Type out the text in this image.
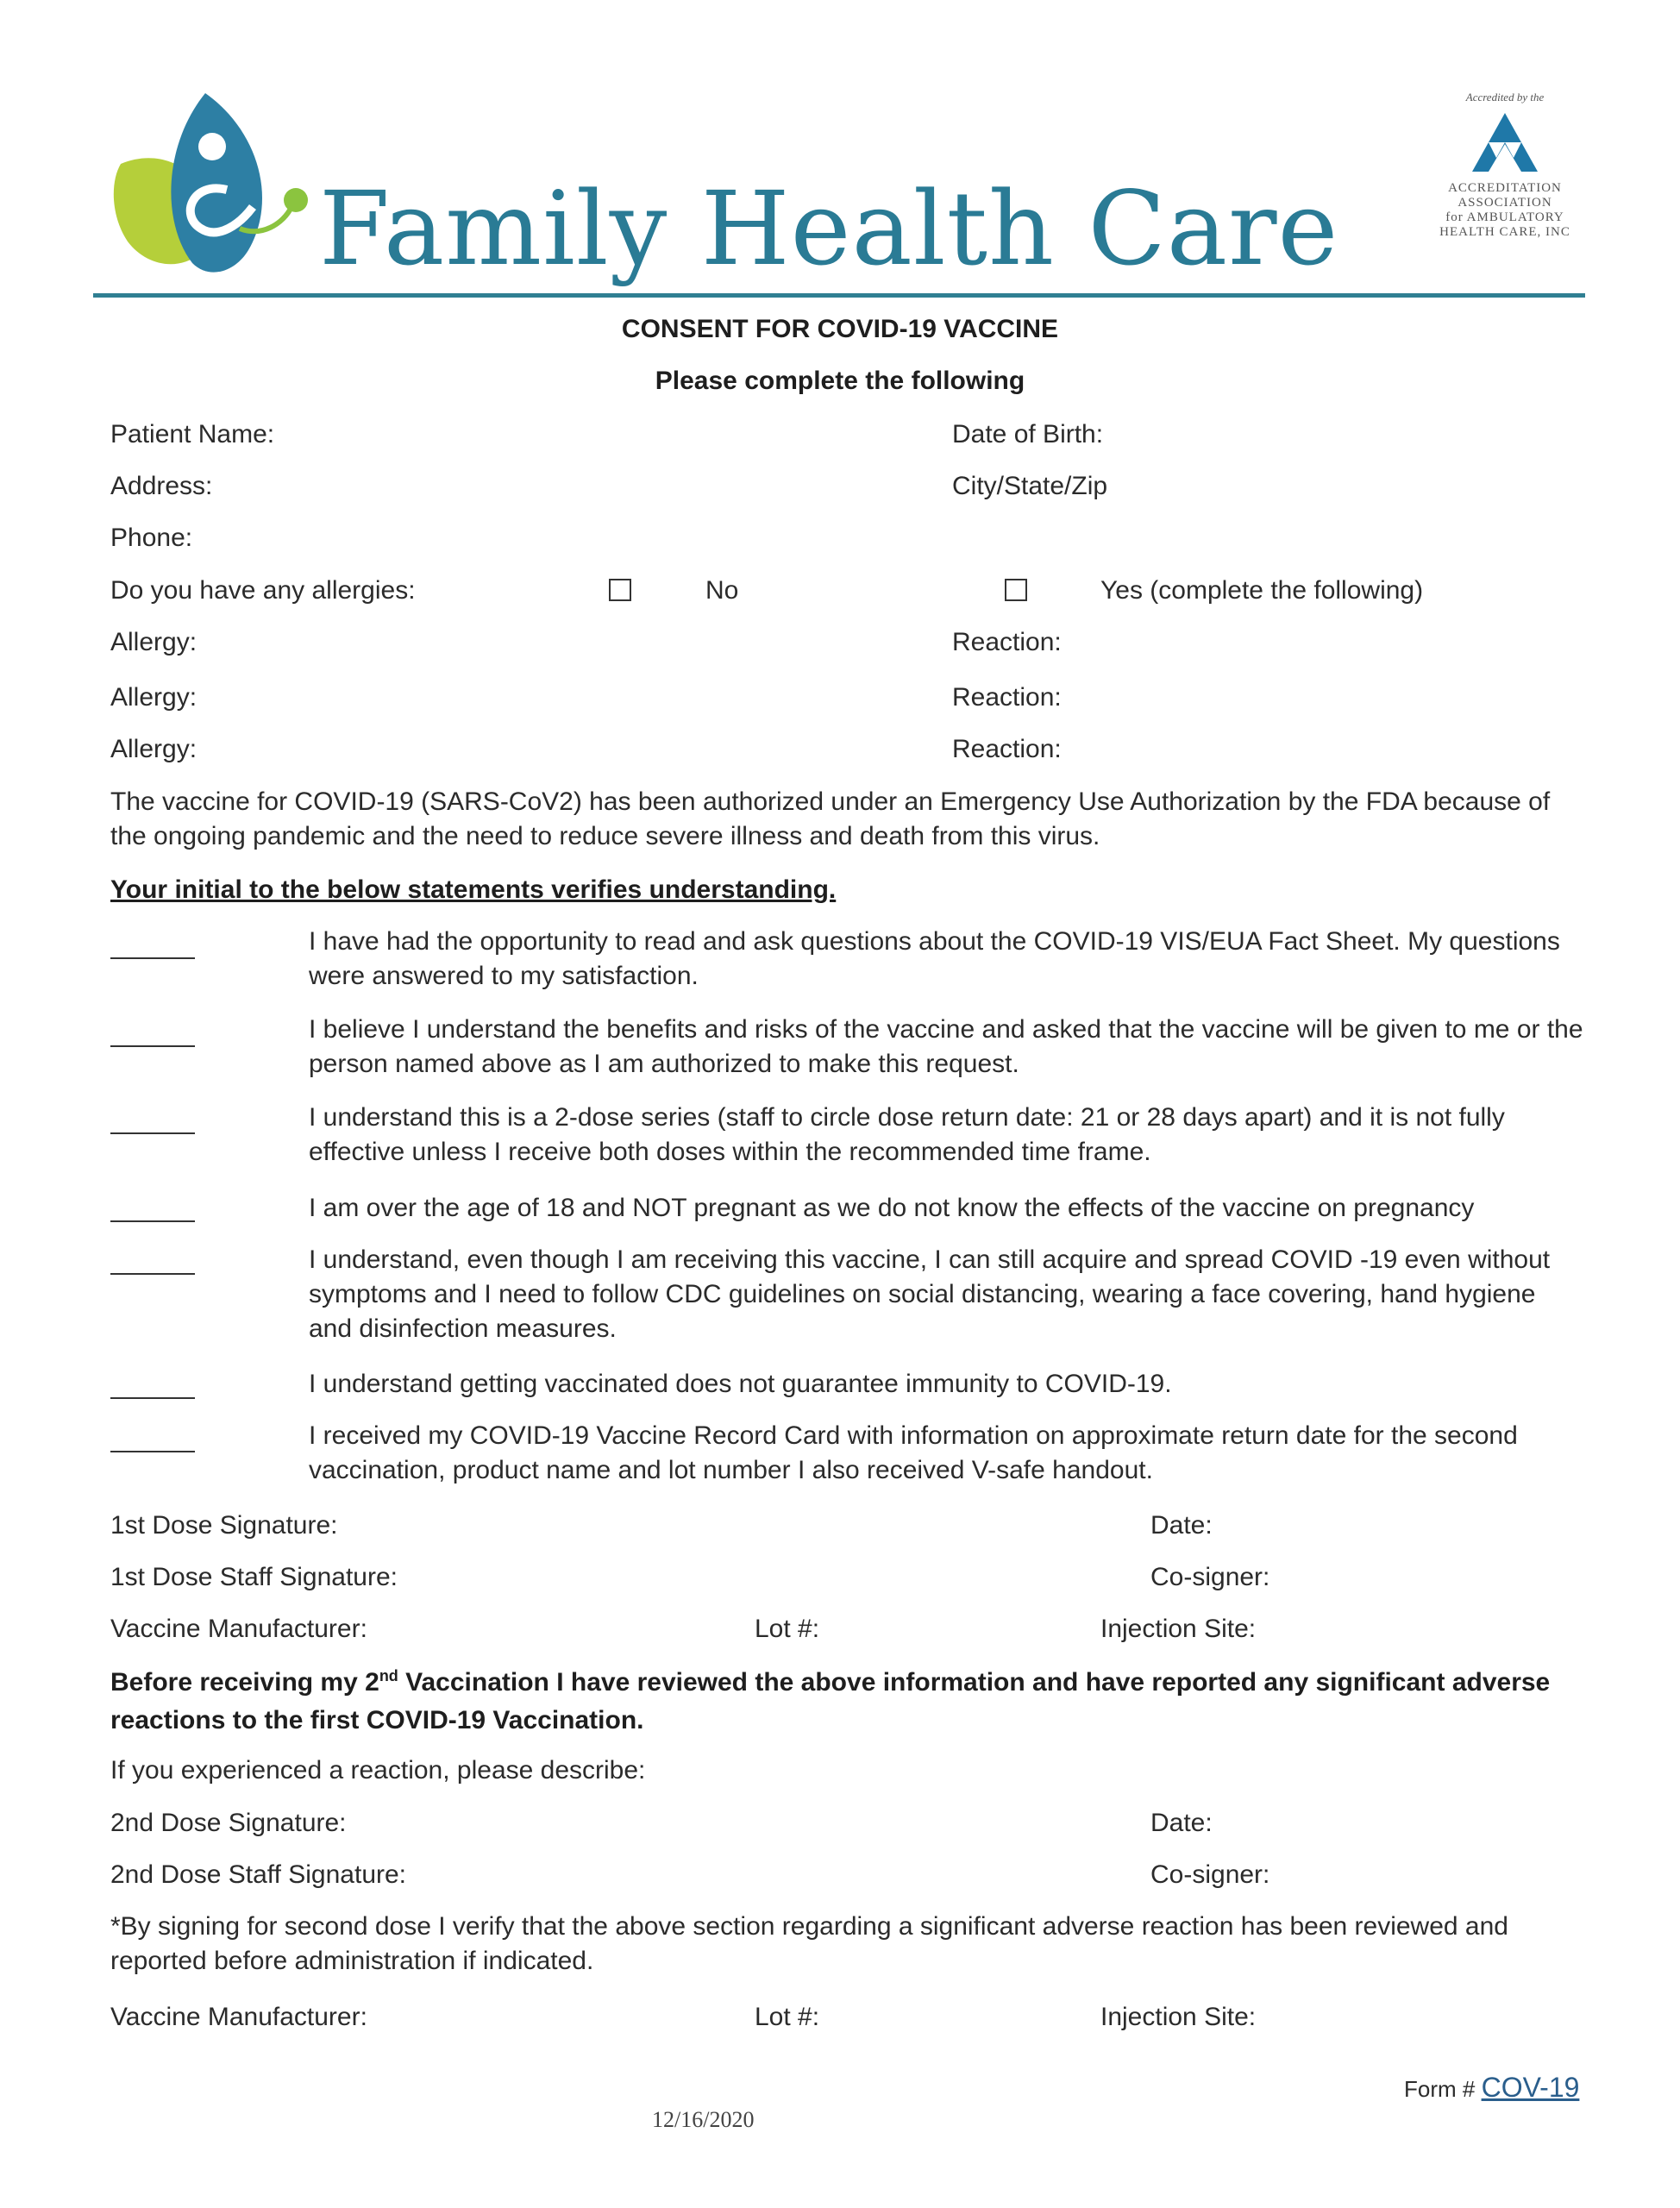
Family Health Care
Accredited by the
ACCREDITATION
ASSOCIATION
for AMBULATORY
HEALTH CARE, INC
CONSENT FOR COVID-19 VACCINE
Please complete the following
Patient Name:	Date of Birth:
Address:	City/State/Zip
Phone:
Do you have any allergies:	No	Yes (complete the following)
Allergy:	Reaction:
Allergy:	Reaction:
Allergy:	Reaction:
The vaccine for COVID-19 (SARS-CoV2) has been authorized under an Emergency Use Authorization by the FDA because of the ongoing pandemic and the need to reduce severe illness and death from this virus.
Your initial to the below statements verifies understanding.
I have had the opportunity to read and ask questions about the COVID-19 VIS/EUA Fact Sheet. My questions were answered to my satisfaction.
I believe I understand the benefits and risks of the vaccine and asked that the vaccine will be given to me or the person named above as I am authorized to make this request.
I understand this is a 2-dose series (staff to circle dose return date: 21 or 28 days apart) and it is not fully effective unless I receive both doses within the recommended time frame.
I am over the age of 18 and NOT pregnant as we do not know the effects of the vaccine on pregnancy
I understand, even though I am receiving this vaccine, I can still acquire and spread COVID -19 even without symptoms and I need to follow CDC guidelines on social distancing, wearing a face covering, hand hygiene and disinfection measures.
I understand getting vaccinated does not guarantee immunity to COVID-19.
I received my COVID-19 Vaccine Record Card with information on approximate return date for the second vaccination, product name and lot number I also received V-safe handout.
1st Dose Signature:	Date:
1st Dose Staff Signature:	Co-signer:
Vaccine Manufacturer:	Lot #:	Injection Site:
Before receiving my 2nd Vaccination I have reviewed the above information and have reported any significant adverse reactions to the first COVID-19 Vaccination.
If you experienced a reaction, please describe:
2nd Dose Signature:	Date:
2nd Dose Staff Signature:	Co-signer:
*By signing for second dose I verify that the above section regarding a significant adverse reaction has been reviewed and reported before administration if indicated.
Vaccine Manufacturer:	Lot #:	Injection Site:
Form # COV-19
12/16/2020
